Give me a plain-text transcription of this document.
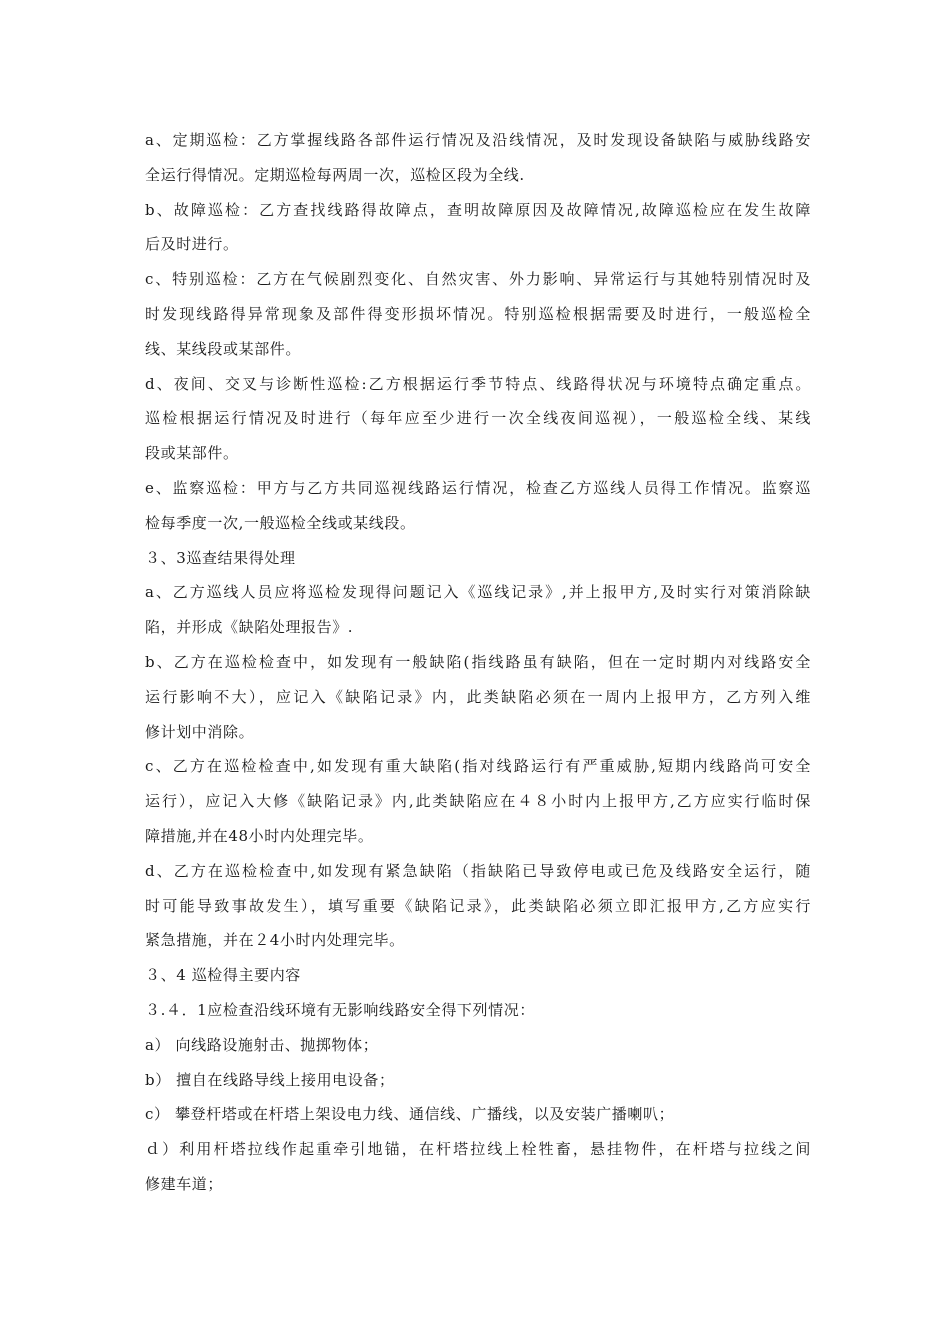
a、定期巡检：乙方掌握线路各部件运行情况及沿线情况，及时发现设备缺陷与威胁线路安
全运行得情况。定期巡检每两周一次，巡检区段为全线.
b、故障巡检：乙方查找线路得故障点，查明故障原因及故障情况,故障巡检应在发生故障
后及时进行。
c、特别巡检：乙方在气候剧烈变化、自然灾害、外力影响、异常运行与其她特别情况时及
时发现线路得异常现象及部件得变形损坏情况。特别巡检根据需要及时进行，一般巡检全
线、某线段或某部件。
d、夜间、交叉与诊断性巡检:乙方根据运行季节特点、线路得状况与环境特点确定重点。
巡检根据运行情况及时进行（每年应至少进行一次全线夜间巡视），一般巡检全线、某线
段或某部件。
e、监察巡检：甲方与乙方共同巡视线路运行情况，检查乙方巡线人员得工作情况。监察巡
检每季度一次,一般巡检全线或某线段。
３、3巡查结果得处理
a、乙方巡线人员应将巡检发现得问题记入《巡线记录》,并上报甲方,及时实行对策消除缺
陷，并形成《缺陷处理报告》.
b、乙方在巡检检查中，如发现有一般缺陷(指线路虽有缺陷，但在一定时期内对线路安全
运行影响不大），应记入《缺陷记录》内，此类缺陷必须在一周内上报甲方，乙方列入维
修计划中消除。
c、乙方在巡检检查中,如发现有重大缺陷(指对线路运行有严重威胁,短期内线路尚可安全
运行），应记入大修《缺陷记录》内,此类缺陷应在４８小时内上报甲方,乙方应实行临时保
障措施,并在48小时内处理完毕。
d、乙方在巡检检查中,如发现有紧急缺陷（指缺陷已导致停电或已危及线路安全运行，随
时可能导致事故发生），填写重要《缺陷记录》，此类缺陷必须立即汇报甲方,乙方应实行
紧急措施，并在２4小时内处理完毕。
３、4 巡检得主要内容
３.４．1应检查沿线环境有无影响线路安全得下列情况：
a） 向线路设施射击、抛掷物体；
b） 擅自在线路导线上接用电设备；
c） 攀登杆塔或在杆塔上架设电力线、通信线、广播线，以及安装广播喇叭；
ｄ）利用杆塔拉线作起重牵引地锚，在杆塔拉线上栓牲畜，悬挂物件，在杆塔与拉线之间
修建车道；
